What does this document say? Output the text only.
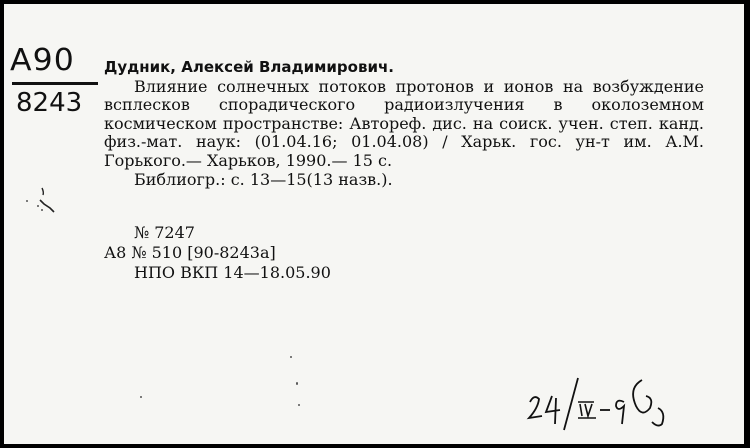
А90
8243
Дудник, Алексей Владимирович.
Влияние солнечных потоков протонов и ионов на возбуждение всплесков спорадического радиоизлучения в околоземном космическом пространстве: Автореф. дис. на соиск. учен. степ. канд. физ.-мат. наук: (01.04.16; 01.04.08) / Харьк. гос. ун-т им. А.М. Горького.— Харьков, 1990.— 15 с.
Библиогр.: с. 13—15(13 назв.).
№ 7247
А8 № 510 [90-8243а]
НПО ВКП 14—18.05.90
